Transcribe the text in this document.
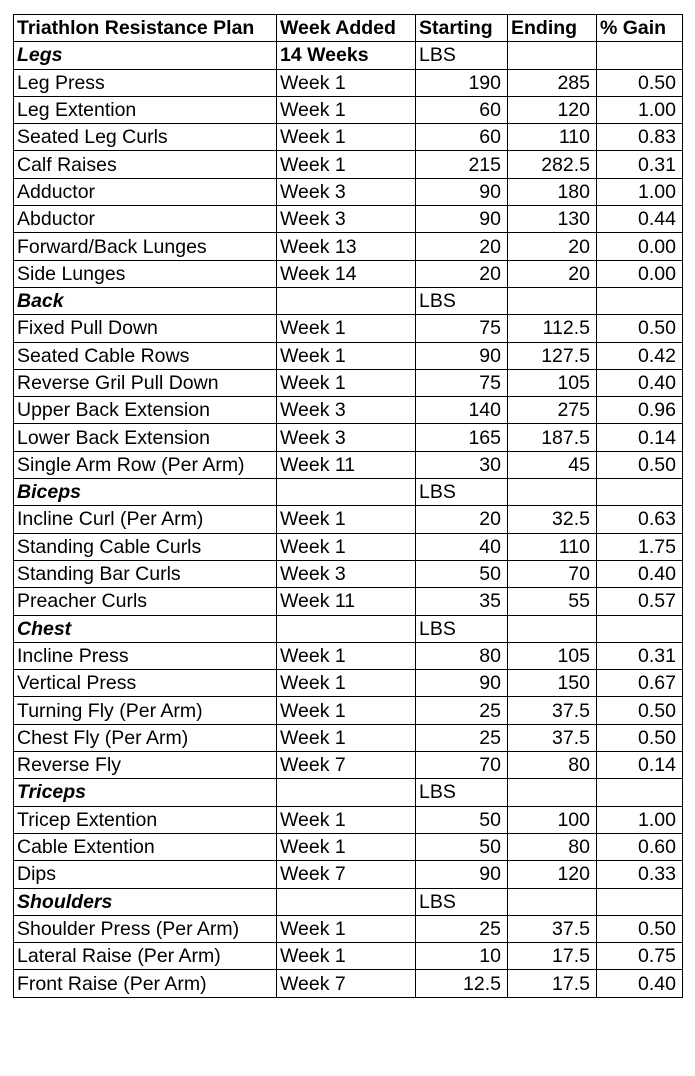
Triathlon Resistance Plan	Week Added	Starting	Ending	% Gain
Legs	14 Weeks	LBS		
Leg Press	Week 1	190	285	0.50
Leg Extention	Week 1	60	120	1.00
Seated Leg Curls	Week 1	60	110	0.83
Calf Raises	Week 1	215	282.5	0.31
Adductor	Week 3	90	180	1.00
Abductor	Week 3	90	130	0.44
Forward/Back Lunges	Week 13	20	20	0.00
Side Lunges	Week 14	20	20	0.00
Back		LBS		
Fixed Pull Down	Week 1	75	112.5	0.50
Seated Cable Rows	Week 1	90	127.5	0.42
Reverse Gril Pull Down	Week 1	75	105	0.40
Upper Back Extension	Week 3	140	275	0.96
Lower Back Extension	Week 3	165	187.5	0.14
Single Arm Row (Per Arm)	Week 11	30	45	0.50
Biceps		LBS		
Incline Curl (Per Arm)	Week 1	20	32.5	0.63
Standing Cable Curls	Week 1	40	110	1.75
Standing Bar Curls	Week 3	50	70	0.40
Preacher Curls	Week 11	35	55	0.57
Chest		LBS		
Incline Press	Week 1	80	105	0.31
Vertical Press	Week 1	90	150	0.67
Turning Fly (Per Arm)	Week 1	25	37.5	0.50
Chest Fly (Per Arm)	Week 1	25	37.5	0.50
Reverse Fly	Week 7	70	80	0.14
Triceps		LBS		
Tricep Extention	Week 1	50	100	1.00
Cable Extention	Week 1	50	80	0.60
Dips	Week 7	90	120	0.33
Shoulders		LBS		
Shoulder Press (Per Arm)	Week 1	25	37.5	0.50
Lateral Raise (Per Arm)	Week 1	10	17.5	0.75
Front Raise (Per Arm)	Week 7	12.5	17.5	0.40
